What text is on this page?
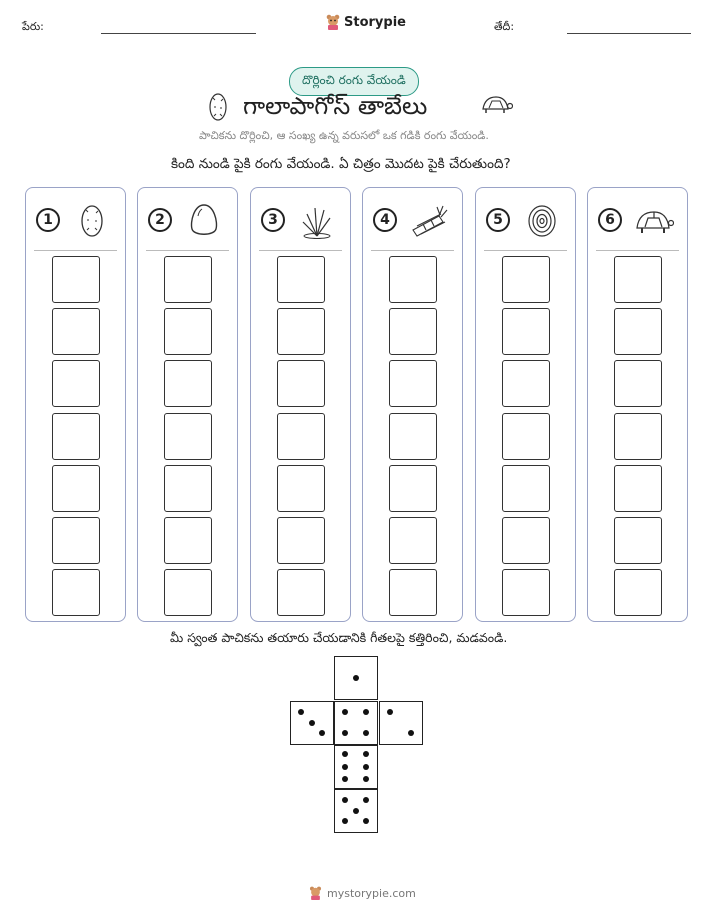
పేరు:	Storypie	తేదీ:
దొర్లించి రంగు వేయండి
గాలాపాగోస్ తాబేలు
పాచికను దొర్లించి, ఆ సంఖ్య ఉన్న వరుసలో ఒక గడికి రంగు వేయండి.
కింది నుండి పైకి రంగు వేయండి. ఏ చిత్రం మొదట పైకి చేరుతుంది?
1	2	3	4	5	6
మీ స్వంత పాచికను తయారు చేయడానికి గీతలపై కత్తిరించి, మడవండి.
mystorypie.com
